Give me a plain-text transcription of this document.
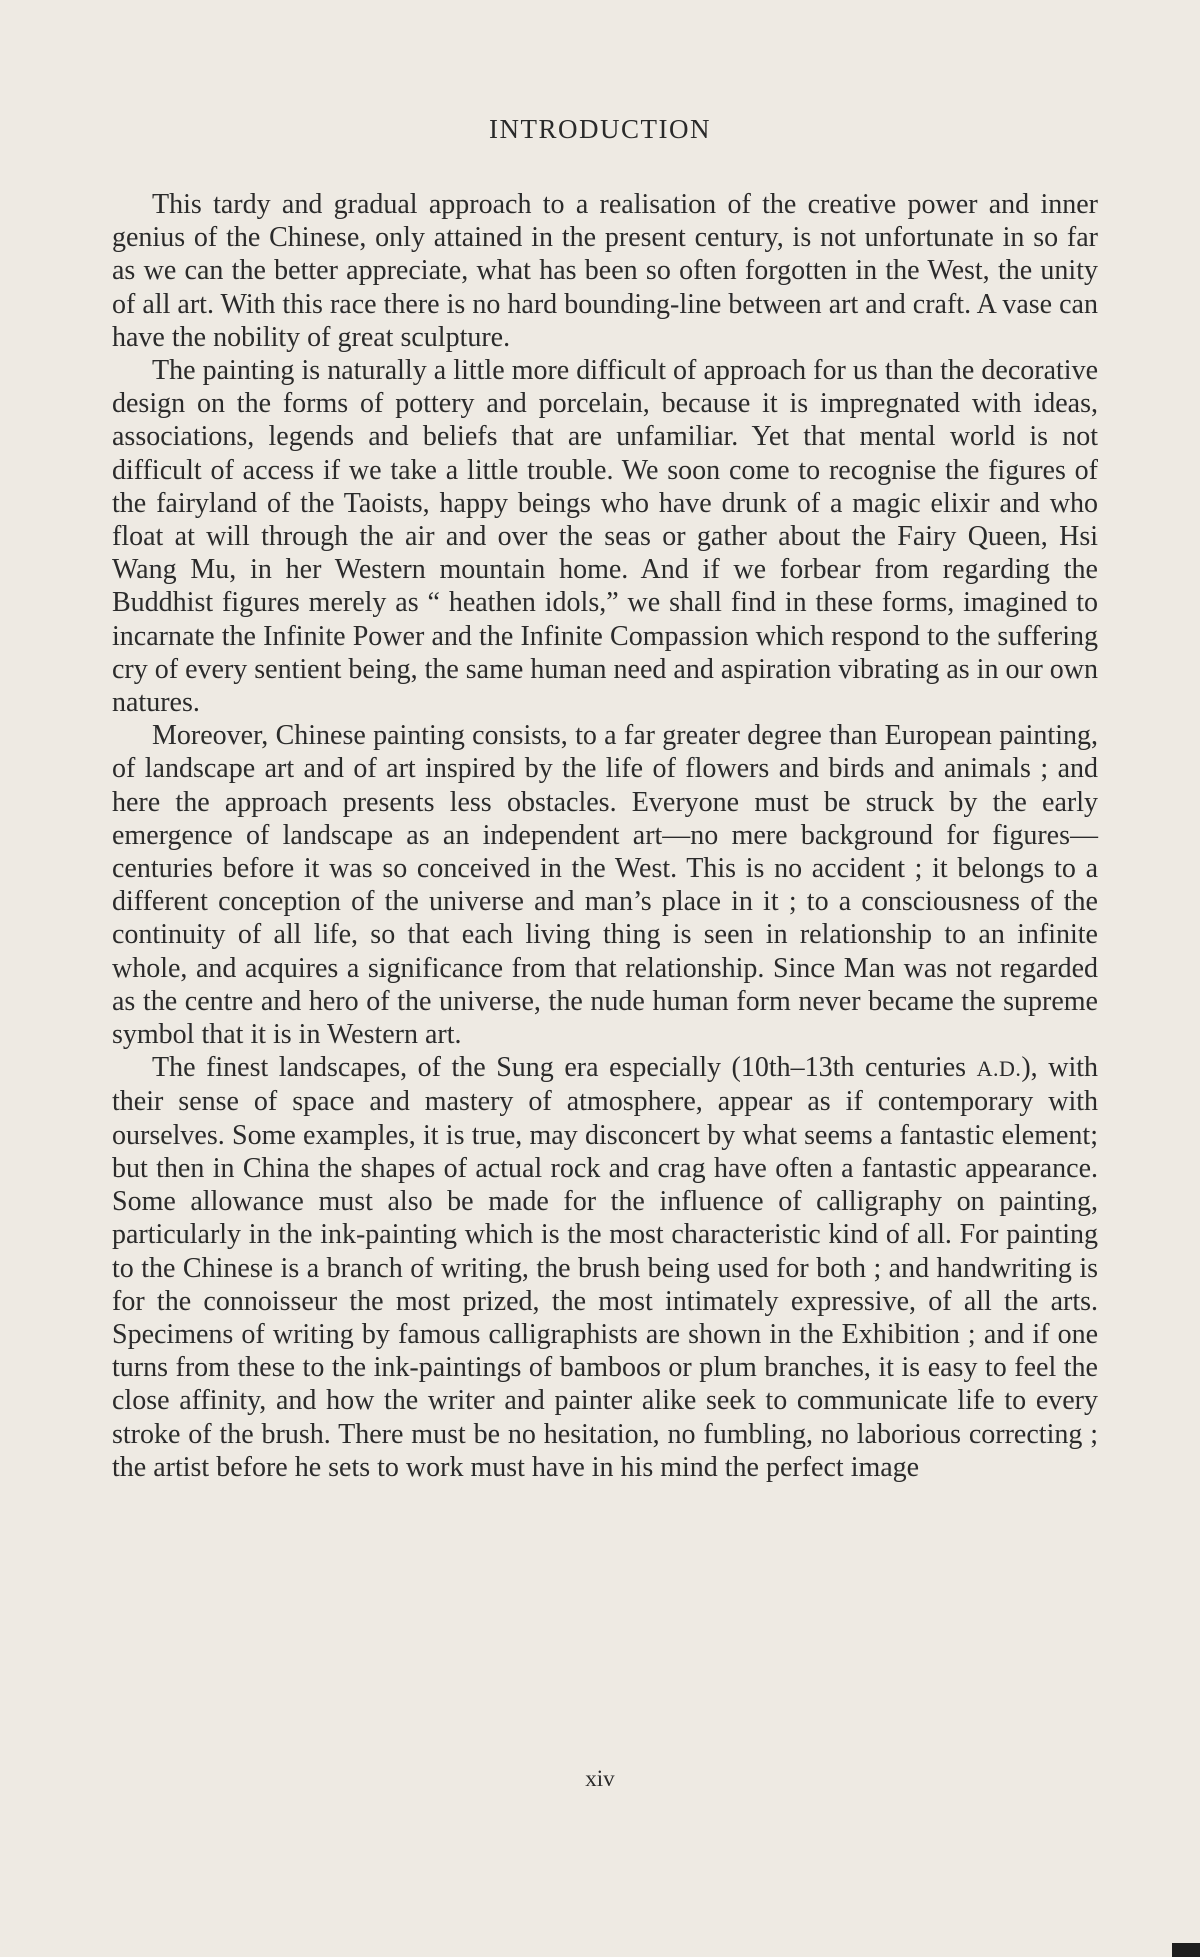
INTRODUCTION

This tardy and gradual approach to a realisation of the creative power and inner genius of the Chinese, only attained in the present century, is not unfortunate in so far as we can the better appreciate, what has been so often forgotten in the West, the unity of all art. With this race there is no hard bounding-line between art and craft. A vase can have the nobility of great sculpture.

The painting is naturally a little more difficult of approach for us than the decorative design on the forms of pottery and porcelain, because it is impregnated with ideas, associations, legends and beliefs that are unfamiliar. Yet that mental world is not difficult of access if we take a little trouble. We soon come to recognise the figures of the fairyland of the Taoists, happy beings who have drunk of a magic elixir and who float at will through the air and over the seas or gather about the Fairy Queen, Hsi Wang Mu, in her Western mountain home. And if we forbear from regarding the Buddhist figures merely as “ heathen idols,” we shall find in these forms, imagined to incarnate the Infinite Power and the Infinite Compassion which respond to the suffering cry of every sentient being, the same human need and aspiration vibrating as in our own natures.

Moreover, Chinese painting consists, to a far greater degree than European painting, of landscape art and of art inspired by the life of flowers and birds and animals ; and here the approach presents less obstacles. Everyone must be struck by the early emergence of landscape as an independent art—no mere background for figures—centuries before it was so conceived in the West. This is no accident ; it belongs to a different conception of the universe and man’s place in it ; to a consciousness of the continuity of all life, so that each living thing is seen in relationship to an infinite whole, and acquires a significance from that relationship. Since Man was not regarded as the centre and hero of the universe, the nude human form never became the supreme symbol that it is in Western art.

The finest landscapes, of the Sung era especially (10th–13th centuries A.D.), with their sense of space and mastery of atmosphere, appear as if contemporary with ourselves. Some examples, it is true, may disconcert by what seems a fantastic element; but then in China the shapes of actual rock and crag have often a fantastic appearance. Some allowance must also be made for the influence of calligraphy on painting, particularly in the ink-painting which is the most characteristic kind of all. For painting to the Chinese is a branch of writing, the brush being used for both ; and handwriting is for the connoisseur the most prized, the most intimately expressive, of all the arts. Specimens of writing by famous calligraphists are shown in the Exhibition ; and if one turns from these to the ink-paintings of bamboos or plum branches, it is easy to feel the close affinity, and how the writer and painter alike seek to communicate life to every stroke of the brush. There must be no hesitation, no fumbling, no laborious correcting ; the artist before he sets to work must have in his mind the perfect image

xiv
